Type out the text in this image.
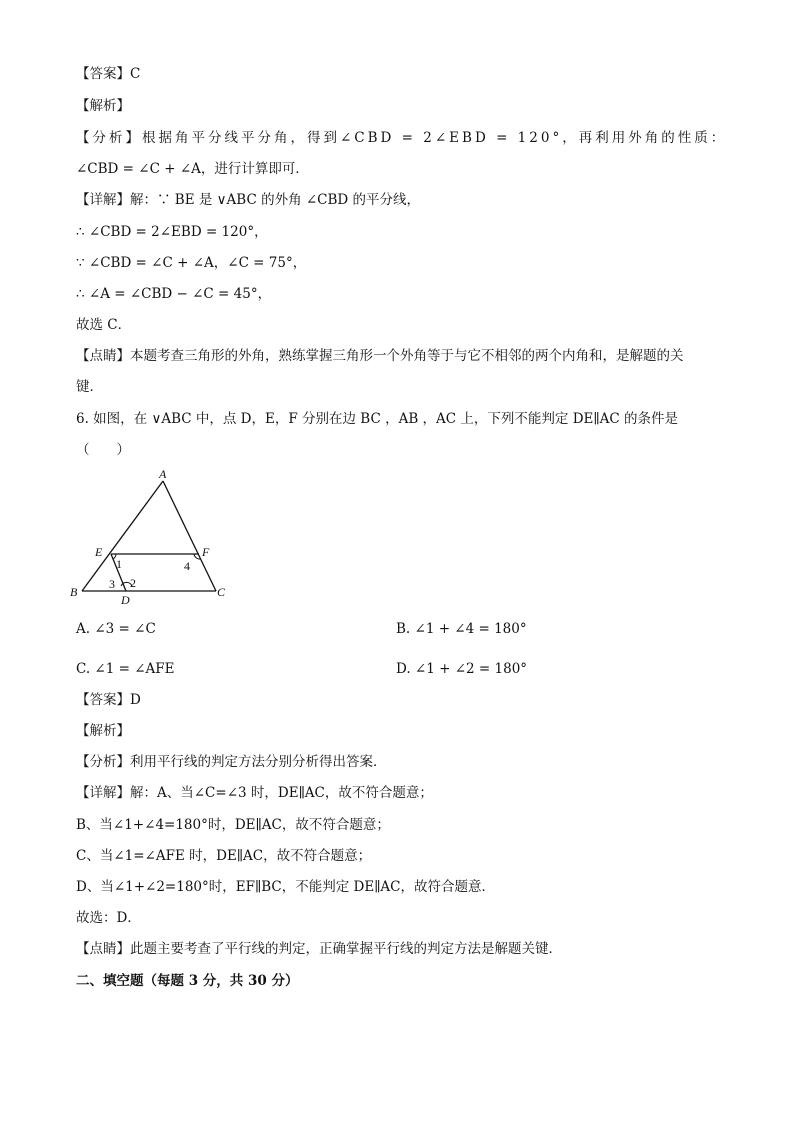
【答案】C
【解析】
【分析】根据角平分线平分角，得到∠CBD = 2∠EBD = 120°，再利用外角的性质：
∠CBD = ∠C + ∠A，进行计算即可．
【详解】解：∵ BE 是 ∨ABC 的外角 ∠CBD 的平分线，
∴ ∠CBD = 2∠EBD = 120°，
∵ ∠CBD = ∠C + ∠A，∠C = 75°，
∴ ∠A = ∠CBD − ∠C = 45°，
故选 C．
【点睛】本题考查三角形的外角，熟练掌握三角形一个外角等于与它不相邻的两个内角和，是解题的关
键．
6. 如图，在 ∨ABC 中，点 D，E，F 分别在边 BC ，AB ，AC 上，下列不能判定 DE∥AC 的条件是
（　　）
A
B	C
D
E	F
1
2
3
4
A. ∠3 = ∠C	B. ∠1 + ∠4 = 180°
C. ∠1 = ∠AFE	D. ∠1 + ∠2 = 180°
【答案】D
【解析】
【分析】利用平行线的判定方法分别分析得出答案．
【详解】解：A、当∠C=∠3 时，DE∥AC，故不符合题意；
B、当∠1+∠4=180°时，DE∥AC，故不符合题意；
C、当∠1=∠AFE 时，DE∥AC，故不符合题意；
D、当∠1+∠2=180°时，EF∥BC，不能判定 DE∥AC，故符合题意．
故选：D．
【点睛】此题主要考查了平行线的判定，正确掌握平行线的判定方法是解题关键．
二、填空题（每题 3 分，共 30 分）
